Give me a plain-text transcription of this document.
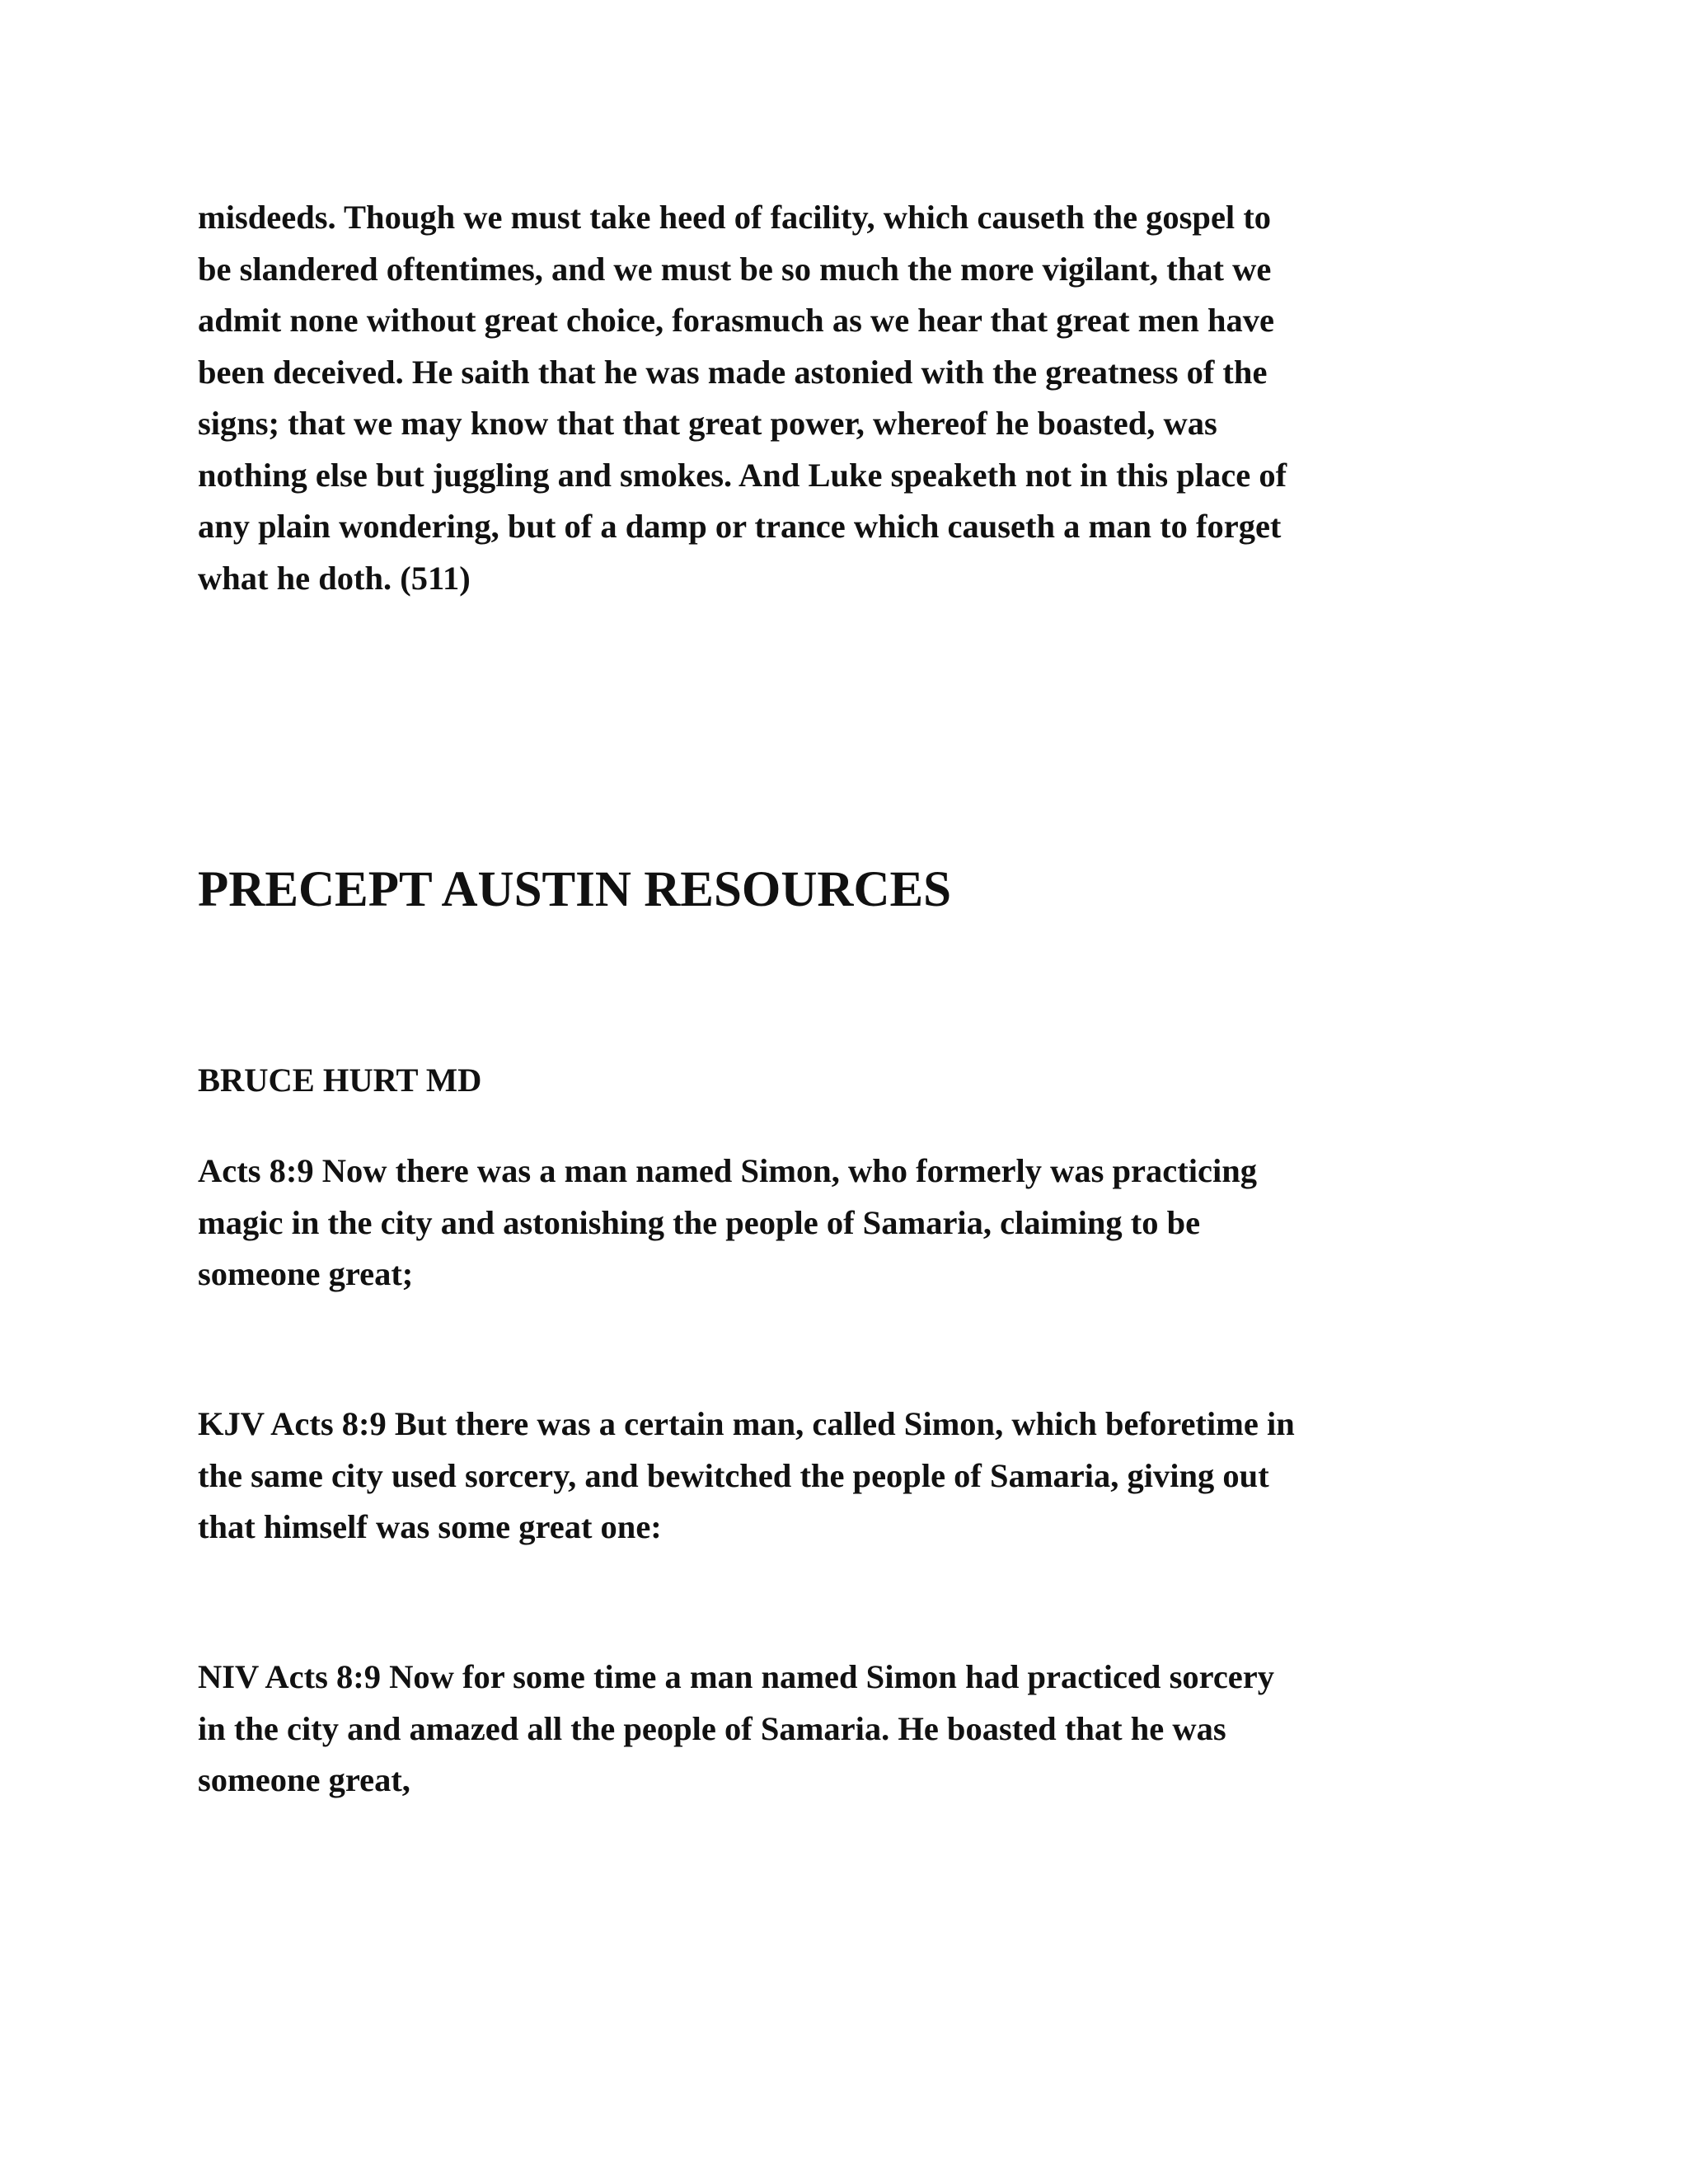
misdeeds. Though we must take heed of facility, which causeth the gospel to
be slandered oftentimes, and we must be so much the more vigilant, that we
admit none without great choice, forasmuch as we hear that great men have
been deceived. He saith that he was made astonied with the greatness of the
signs; that we may know that that great power, whereof he boasted, was
nothing else but juggling and smokes. And Luke speaketh not in this place of
any plain wondering, but of a damp or trance which causeth a man to forget
what he doth. (511)

PRECEPT AUSTIN RESOURCES

BRUCE HURT MD

Acts 8:9 Now there was a man named Simon, who formerly was practicing
magic in the city and astonishing the people of Samaria, claiming to be
someone great;

KJV Acts 8:9 But there was a certain man, called Simon, which beforetime in
the same city used sorcery, and bewitched the people of Samaria, giving out
that himself was some great one:

NIV Acts 8:9 Now for some time a man named Simon had practiced sorcery
in the city and amazed all the people of Samaria. He boasted that he was
someone great,
